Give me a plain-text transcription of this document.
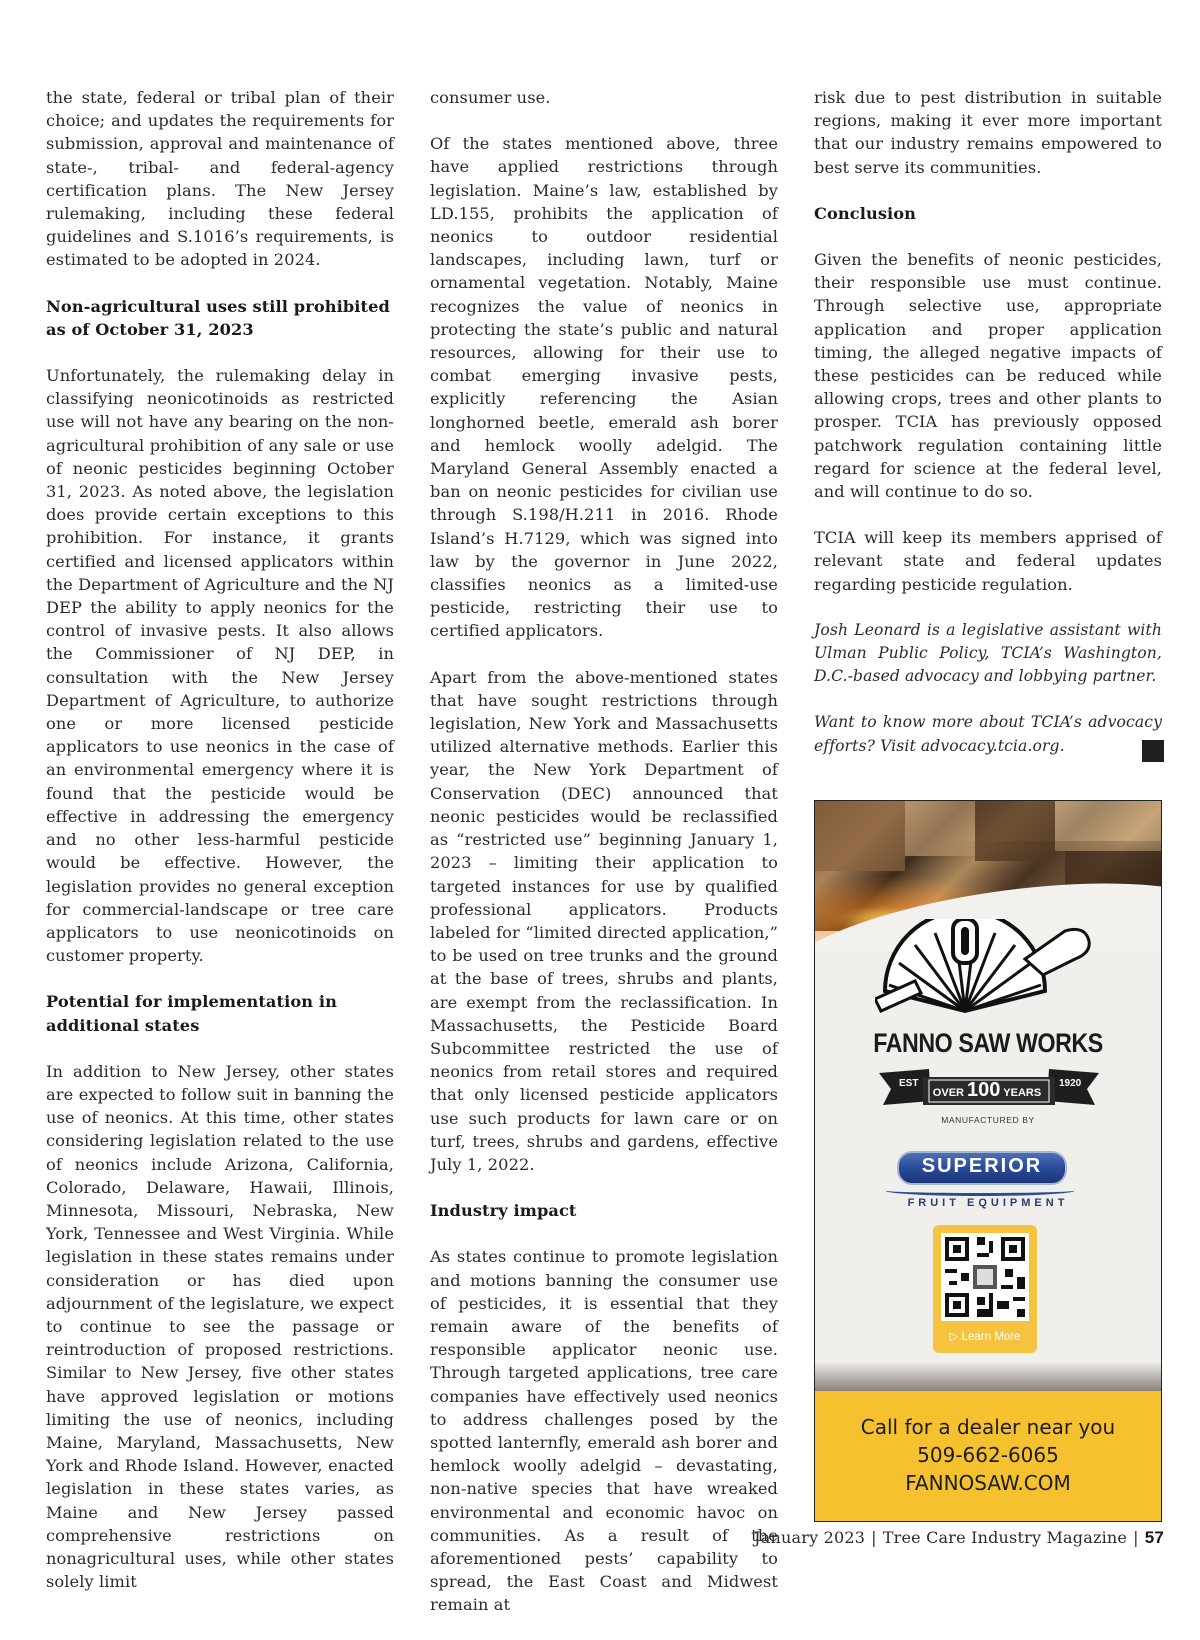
the state, federal or tribal plan of their choice; and updates the requirements for submission, approval and maintenance of state-, tribal- and federal-agency certification plans. The New Jersey rulemaking, including these federal guidelines and S.1016’s requirements, is estimated to be adopted in 2024.

Non-agricultural uses still prohibited as of October 31, 2023

Unfortunately, the rulemaking delay in classifying neonicotinoids as restricted use will not have any bearing on the non-agricultural prohibition of any sale or use of neonic pesticides beginning October 31, 2023. As noted above, the legislation does provide certain exceptions to this prohibition. For instance, it grants certified and licensed applicators within the Department of Agriculture and the NJ DEP the ability to apply neonics for the control of invasive pests. It also allows the Commissioner of NJ DEP, in consultation with the New Jersey Department of Agriculture, to authorize one or more licensed pesticide applicators to use neonics in the case of an environmental emergency where it is found that the pesticide would be effective in addressing the emergency and no other less-harmful pesticide would be effective. However, the legislation provides no general exception for commercial-landscape or tree care applicators to use neonicotinoids on customer property.

Potential for implementation in additional states

In addition to New Jersey, other states are expected to follow suit in banning the use of neonics. At this time, other states considering legislation related to the use of neonics include Arizona, California, Colorado, Delaware, Hawaii, Illinois, Minnesota, Missouri, Nebraska, New York, Tennessee and West Virginia. While legislation in these states remains under consideration or has died upon adjournment of the legislature, we expect to continue to see the passage or reintroduction of proposed restrictions. Similar to New Jersey, five other states have approved legislation or motions limiting the use of neonics, including Maine, Maryland, Massachusetts, New York and Rhode Island. However, enacted legislation in these states varies, as Maine and New Jersey passed comprehensive restrictions on nonagricultural uses, while other states solely limit

consumer use.

Of the states mentioned above, three have applied restrictions through legislation. Maine’s law, established by LD.155, prohibits the application of neonics to outdoor residential landscapes, including lawn, turf or ornamental vegetation. Notably, Maine recognizes the value of neonics in protecting the state’s public and natural resources, allowing for their use to combat emerging invasive pests, explicitly referencing the Asian longhorned beetle, emerald ash borer and hemlock woolly adelgid. The Maryland General Assembly enacted a ban on neonic pesticides for civilian use through S.198/H.211 in 2016. Rhode Island’s H.7129, which was signed into law by the governor in June 2022, classifies neonics as a limited-use pesticide, restricting their use to certified applicators.

Apart from the above-mentioned states that have sought restrictions through legislation, New York and Massachusetts utilized alternative methods. Earlier this year, the New York Department of Conservation (DEC) announced that neonic pesticides would be reclassified as “restricted use” beginning January 1, 2023 – limiting their application to targeted instances for use by qualified professional applicators. Products labeled for “limited directed application,” to be used on tree trunks and the ground at the base of trees, shrubs and plants, are exempt from the reclassification. In Massachusetts, the Pesticide Board Subcommittee restricted the use of neonics from retail stores and required that only licensed pesticide applicators use such products for lawn care or on turf, trees, shrubs and gardens, effective July 1, 2022.

Industry impact

As states continue to promote legislation and motions banning the consumer use of pesticides, it is essential that they remain aware of the benefits of responsible applicator neonic use. Through targeted applications, tree care companies have effectively used neonics to address challenges posed by the spotted lanternfly, emerald ash borer and hemlock woolly adelgid – devastating, non-native species that have wreaked environmental and economic havoc on communities. As a result of the aforementioned pests’ capability to spread, the East Coast and Midwest remain at

risk due to pest distribution in suitable regions, making it ever more important that our industry remains empowered to best serve its communities.

Conclusion

Given the benefits of neonic pesticides, their responsible use must continue. Through selective use, appropriate application and proper application timing, the alleged negative impacts of these pesticides can be reduced while allowing crops, trees and other plants to prosper. TCIA has previously opposed patchwork regulation containing little regard for science at the federal level, and will continue to do so.

TCIA will keep its members apprised of relevant state and federal updates regarding pesticide regulation.

Josh Leonard is a legislative assistant with Ulman Public Policy, TCIA’s Washington, D.C.-based advocacy and lobbying partner.

Want to know more about TCIA’s advocacy efforts? Visit advocacy.tcia.org.

FANNO SAW WORKS
EST
OVER 100 YEARS
1920
MANUFACTURED BY
SUPERIOR
FRUIT EQUIPMENT
▷ Learn More
Call for a dealer near you
509-662-6065
FANNOSAW.COM
January 2023 | Tree Care Industry Magazine | 57
